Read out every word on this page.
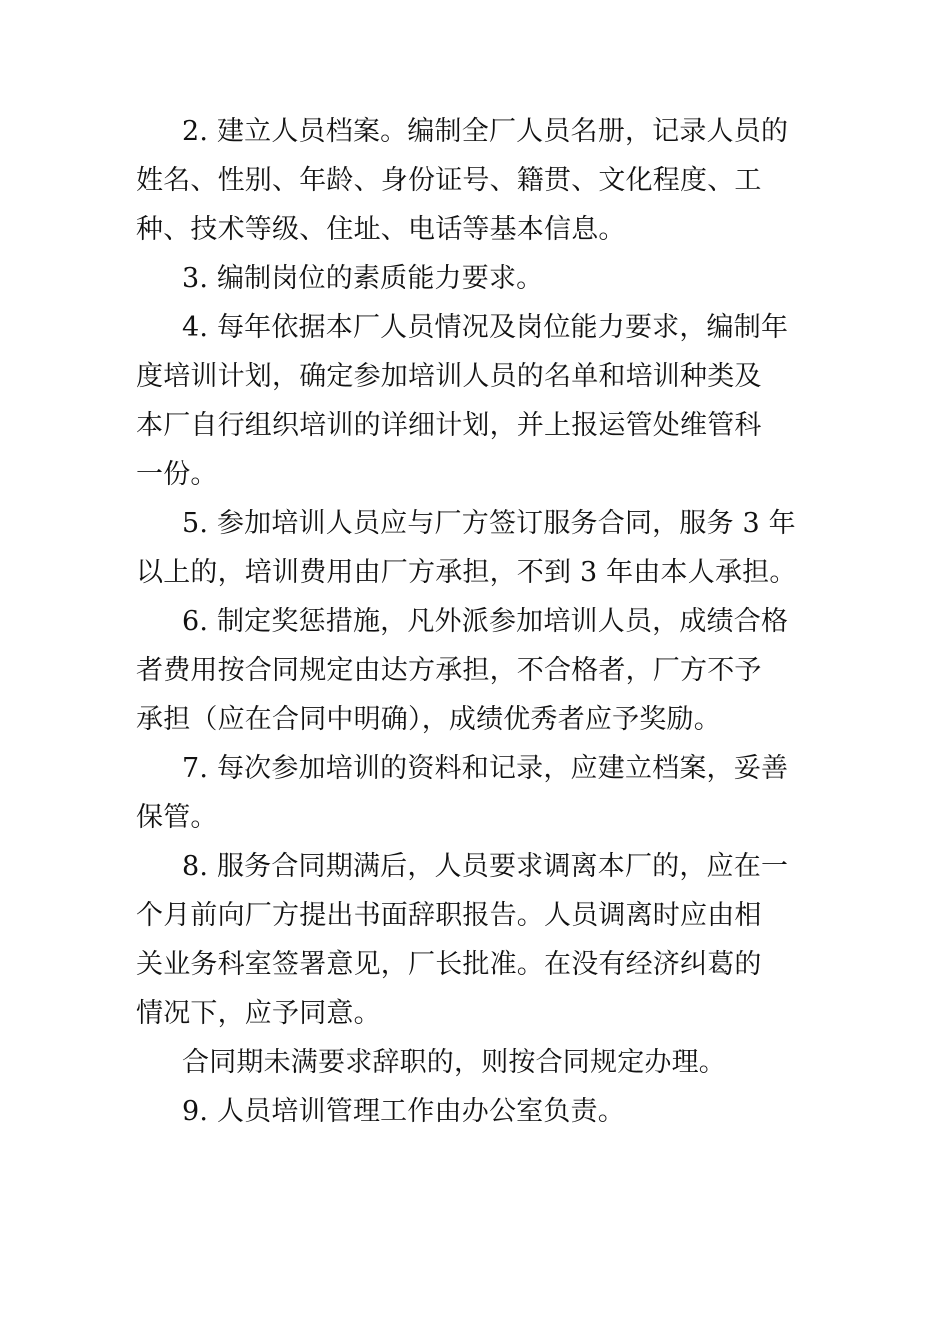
2. 建立人员档案。编制全厂人员名册，记录人员的
姓名、性别、年龄、身份证号、籍贯、文化程度、工
种、技术等级、住址、电话等基本信息。

3. 编制岗位的素质能力要求。

4. 每年依据本厂人员情况及岗位能力要求，编制年
度培训计划，确定参加培训人员的名单和培训种类及
本厂自行组织培训的详细计划，并上报运管处维管科
一份。

5. 参加培训人员应与厂方签订服务合同，服务 3 年
以上的，培训费用由厂方承担，不到 3 年由本人承担。

6. 制定奖惩措施，凡外派参加培训人员，成绩合格
者费用按合同规定由达方承担，不合格者，厂方不予
承担（应在合同中明确），成绩优秀者应予奖励。

7. 每次参加培训的资料和记录，应建立档案，妥善
保管。

8. 服务合同期满后，人员要求调离本厂的，应在一
个月前向厂方提出书面辞职报告。人员调离时应由相
关业务科室签署意见，厂长批准。在没有经济纠葛的
情况下，应予同意。

合同期未满要求辞职的，则按合同规定办理。

9. 人员培训管理工作由办公室负责。
